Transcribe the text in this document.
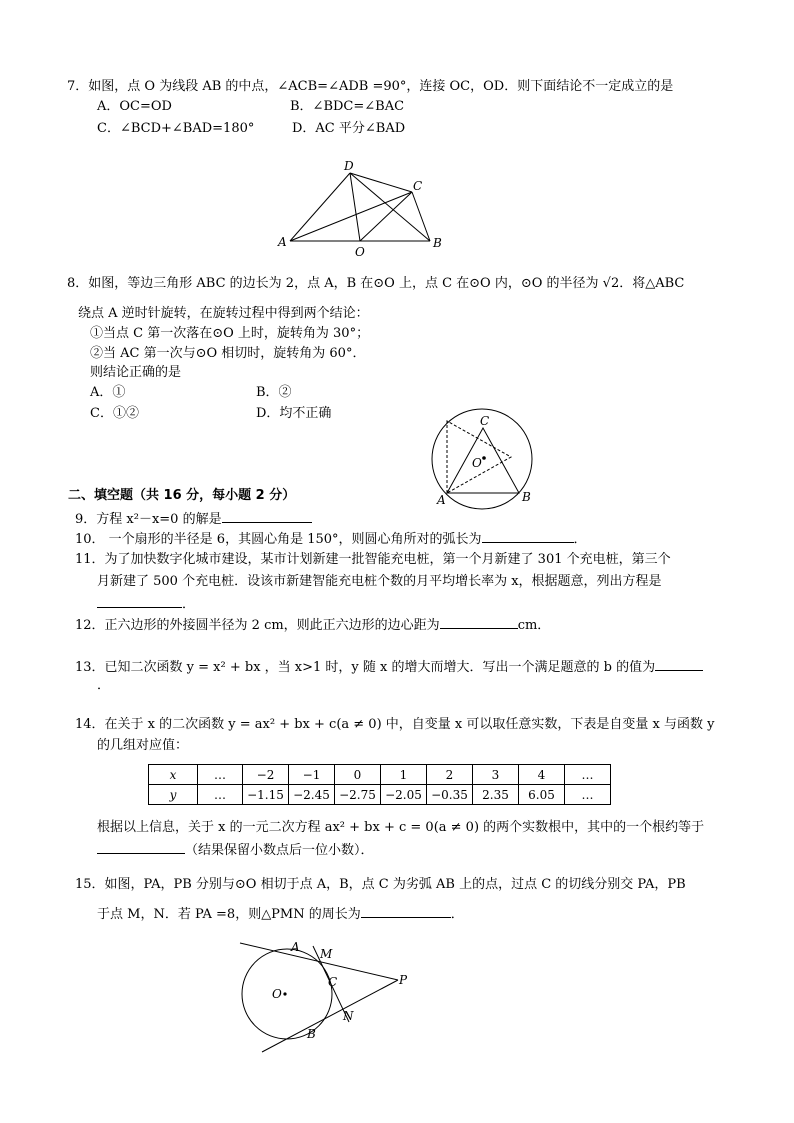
7．如图，点 O 为线段 AB 的中点，∠ACB=∠ADB =90°，连接 OC，OD．则下面结论不一定成立的是
A．OC=OD	B．∠BDC=∠BAC
C．∠BCD+∠BAD=180°	D．AC 平分∠BAD
D
C
A
O
B
8．如图，等边三角形 ABC 的边长为 2，点 A，B 在⊙O 上，点 C 在⊙O 内，⊙O 的半径为 √2．将△ABC
绕点 A 逆时针旋转，在旋转过程中得到两个结论：
①当点 C 第一次落在⊙O 上时，旋转角为 30°；
②当 AC 第一次与⊙O 相切时，旋转角为 60°．
则结论正确的是
A．①	B．②
C．①②	D．均不正确	C
O
A	B
二、填空题（共 16 分，每小题 2 分）
9．方程 x²－x=0 的解是
10． 一个扇形的半径是 6，其圆心角是 150°，则圆心角所对的弧长为	．
11．为了加快数字化城市建设，某市计划新建一批智能充电桩，第一个月新建了 301 个充电桩，第三个
月新建了 500 个充电桩．设该市新建智能充电桩个数的月平均增长率为 x，根据题意，列出方程是
．
12．正六边形的外接圆半径为 2 cm，则此正六边形的边心距为	cm．
13．已知二次函数 y = x² + bx ，当 x>1 时，y 随 x 的增大而增大．写出一个满足题意的 b 的值为
．
14．在关于 x 的二次函数 y = ax² + bx + c(a ≠ 0) 中，自变量 x 可以取任意实数，下表是自变量 x 与函数 y
的几组对应值：
x	…	−2	−1	0	1	2	3	4	…
y	…	−1.15	−2.45	−2.75	−2.05	−0.35	2.35	6.05	…
根据以上信息，关于 x 的一元二次方程 ax² + bx + c = 0(a ≠ 0) 的两个实数根中，其中的一个根约等于
（结果保留小数点后一位小数）．
15．如图，PA，PB 分别与⊙O 相切于点 A，B，点 C 为劣弧 AB 上的点，过点 C 的切线分别交 PA，PB
于点 M，N．若 PA =8，则△PMN 的周长为	．
A M
O
C	P
N
B
